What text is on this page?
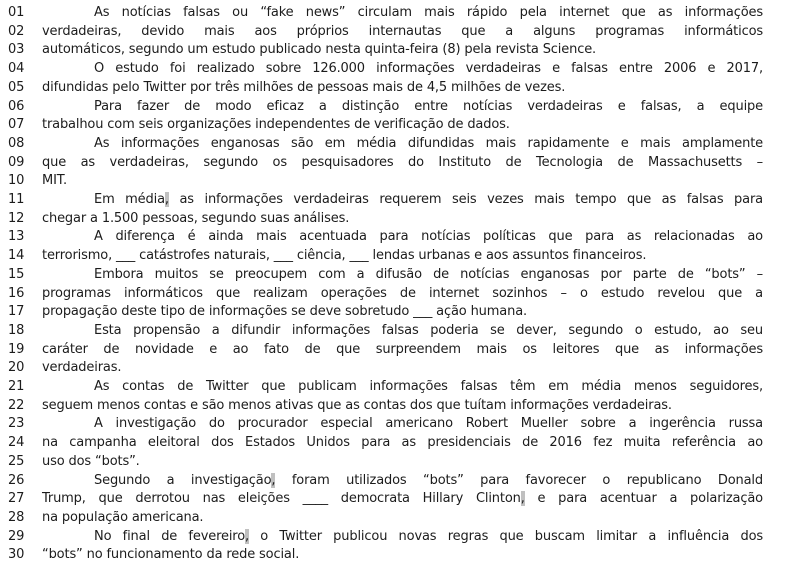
01	As notícias falsas ou “fake news” circulam mais rápido pela internet que as informações
02	verdadeiras, devido mais aos próprios internautas que a alguns programas informáticos
03	automáticos, segundo um estudo publicado nesta quinta-feira (8) pela revista Science.
04	O estudo foi realizado sobre 126.000 informações verdadeiras e falsas entre 2006 e 2017,
05	difundidas pelo Twitter por três milhões de pessoas mais de 4,5 milhões de vezes.
06	Para fazer de modo eficaz a distinção entre notícias verdadeiras e falsas, a equipe
07	trabalhou com seis organizações independentes de verificação de dados.
08	As informações enganosas são em média difundidas mais rapidamente e mais amplamente
09	que as verdadeiras, segundo os pesquisadores do Instituto de Tecnologia de Massachusetts –
10	MIT.
11	Em média, as informações verdadeiras requerem seis vezes mais tempo que as falsas para
12	chegar a 1.500 pessoas, segundo suas análises.
13	A diferença é ainda mais acentuada para notícias políticas que para as relacionadas ao
14	terrorismo, ___ catástrofes naturais, ___ ciência, ___ lendas urbanas e aos assuntos financeiros.
15	Embora muitos se preocupem com a difusão de notícias enganosas por parte de “bots” –
16	programas informáticos que realizam operações de internet sozinhos – o estudo revelou que a
17	propagação deste tipo de informações se deve sobretudo ___ ação humana.
18	Esta propensão a difundir informações falsas poderia se dever, segundo o estudo, ao seu
19	caráter de novidade e ao fato de que surpreendem mais os leitores que as informações
20	verdadeiras.
21	As contas de Twitter que publicam informações falsas têm em média menos seguidores,
22	seguem menos contas e são menos ativas que as contas dos que tuítam informações verdadeiras.
23	A investigação do procurador especial americano Robert Mueller sobre a ingerência russa
24	na campanha eleitoral dos Estados Unidos para as presidenciais de 2016 fez muita referência ao
25	uso dos “bots”.
26	Segundo a investigação, foram utilizados “bots” para favorecer o republicano Donald
27	Trump, que derrotou nas eleições ____ democrata Hillary Clinton, e para acentuar a polarização
28	na população americana.
29	No final de fevereiro, o Twitter publicou novas regras que buscam limitar a influência dos
30	“bots” no funcionamento da rede social.
